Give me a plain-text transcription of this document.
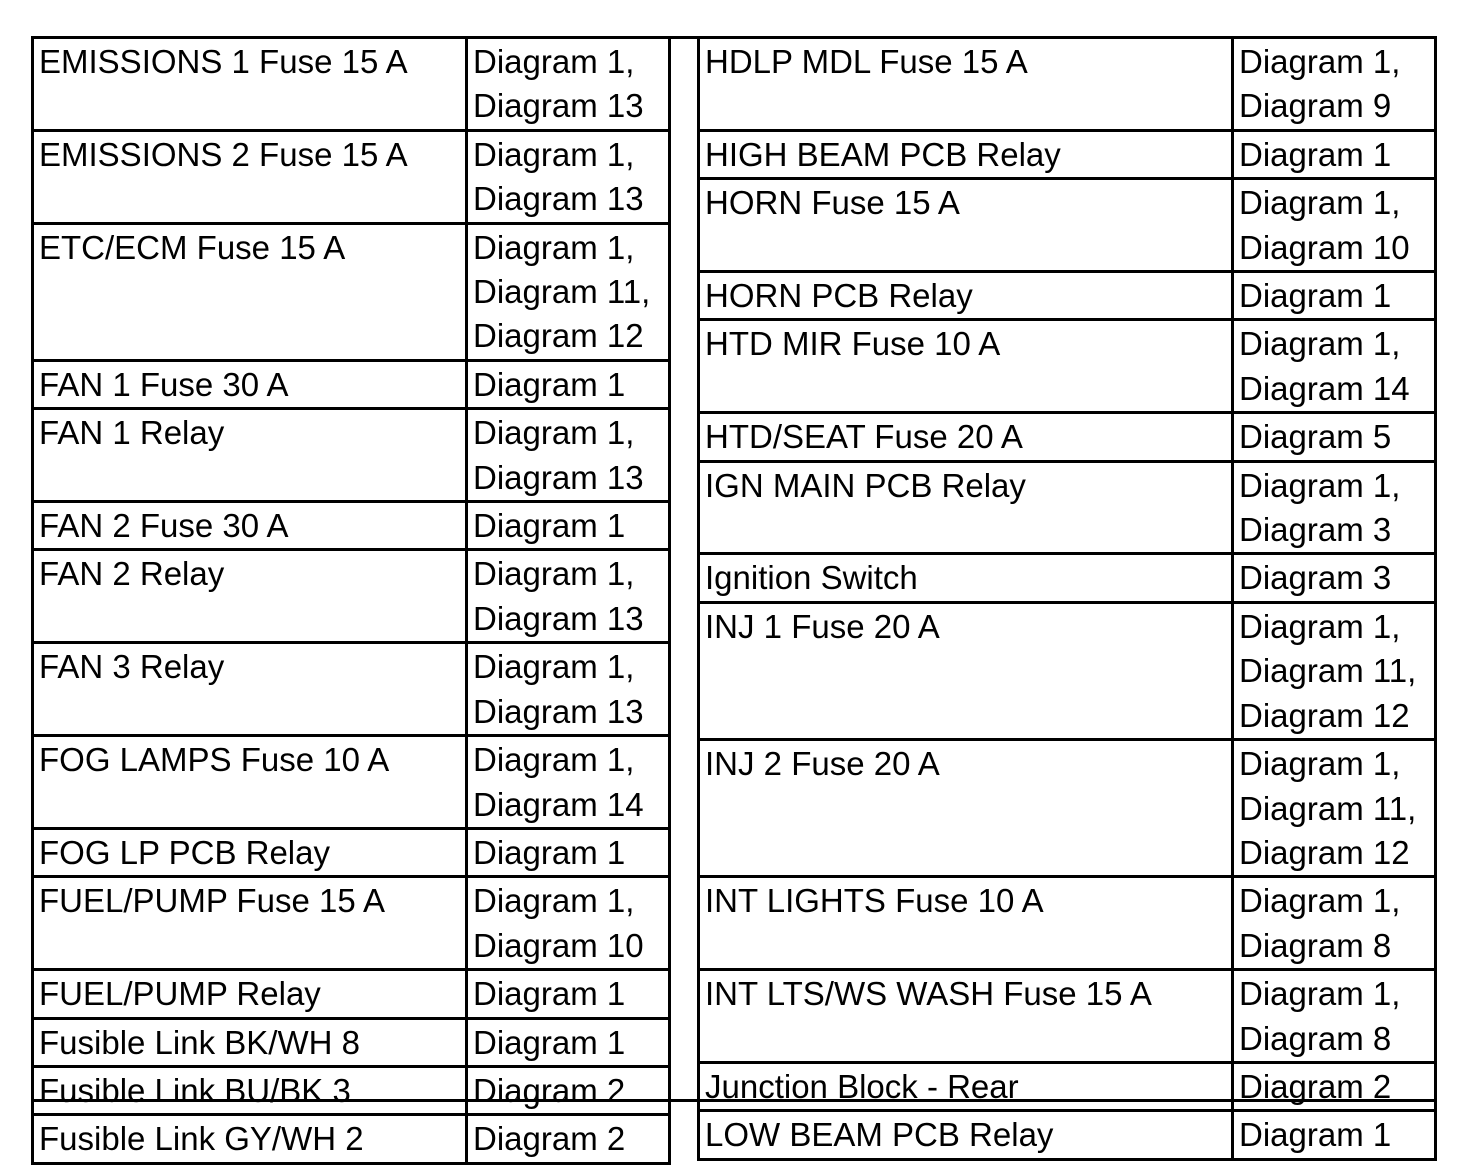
EMISSIONS 1 Fuse 15 A	Diagram 1,
Diagram 13
EMISSIONS 2 Fuse 15 A	Diagram 1,
Diagram 13
ETC/ECM Fuse 15 A	Diagram 1,
Diagram 11,
Diagram 12
FAN 1 Fuse 30 A	Diagram 1
FAN 1 Relay	Diagram 1,
Diagram 13
FAN 2 Fuse 30 A	Diagram 1
FAN 2 Relay	Diagram 1,
Diagram 13
FAN 3 Relay	Diagram 1,
Diagram 13
FOG LAMPS Fuse 10 A	Diagram 1,
Diagram 14
FOG LP PCB Relay	Diagram 1
FUEL/PUMP Fuse 15 A	Diagram 1,
Diagram 10
FUEL/PUMP Relay	Diagram 1
Fusible Link BK/WH 8	Diagram 1
Fusible Link BU/BK 3	Diagram 2
Fusible Link GY/WH 2	Diagram 2
HDLP MDL Fuse 15 A	Diagram 1,
Diagram 9
HIGH BEAM PCB Relay	Diagram 1
HORN Fuse 15 A	Diagram 1,
Diagram 10
HORN PCB Relay	Diagram 1
HTD MIR Fuse 10 A	Diagram 1,
Diagram 14
HTD/SEAT Fuse 20 A	Diagram 5
IGN MAIN PCB Relay	Diagram 1,
Diagram 3
Ignition Switch	Diagram 3
INJ 1 Fuse 20 A	Diagram 1,
Diagram 11,
Diagram 12
INJ 2 Fuse 20 A	Diagram 1,
Diagram 11,
Diagram 12
INT LIGHTS Fuse 10 A	Diagram 1,
Diagram 8
INT LTS/WS WASH Fuse 15 A	Diagram 1,
Diagram 8
Junction Block - Rear	Diagram 2
LOW BEAM PCB Relay	Diagram 1
